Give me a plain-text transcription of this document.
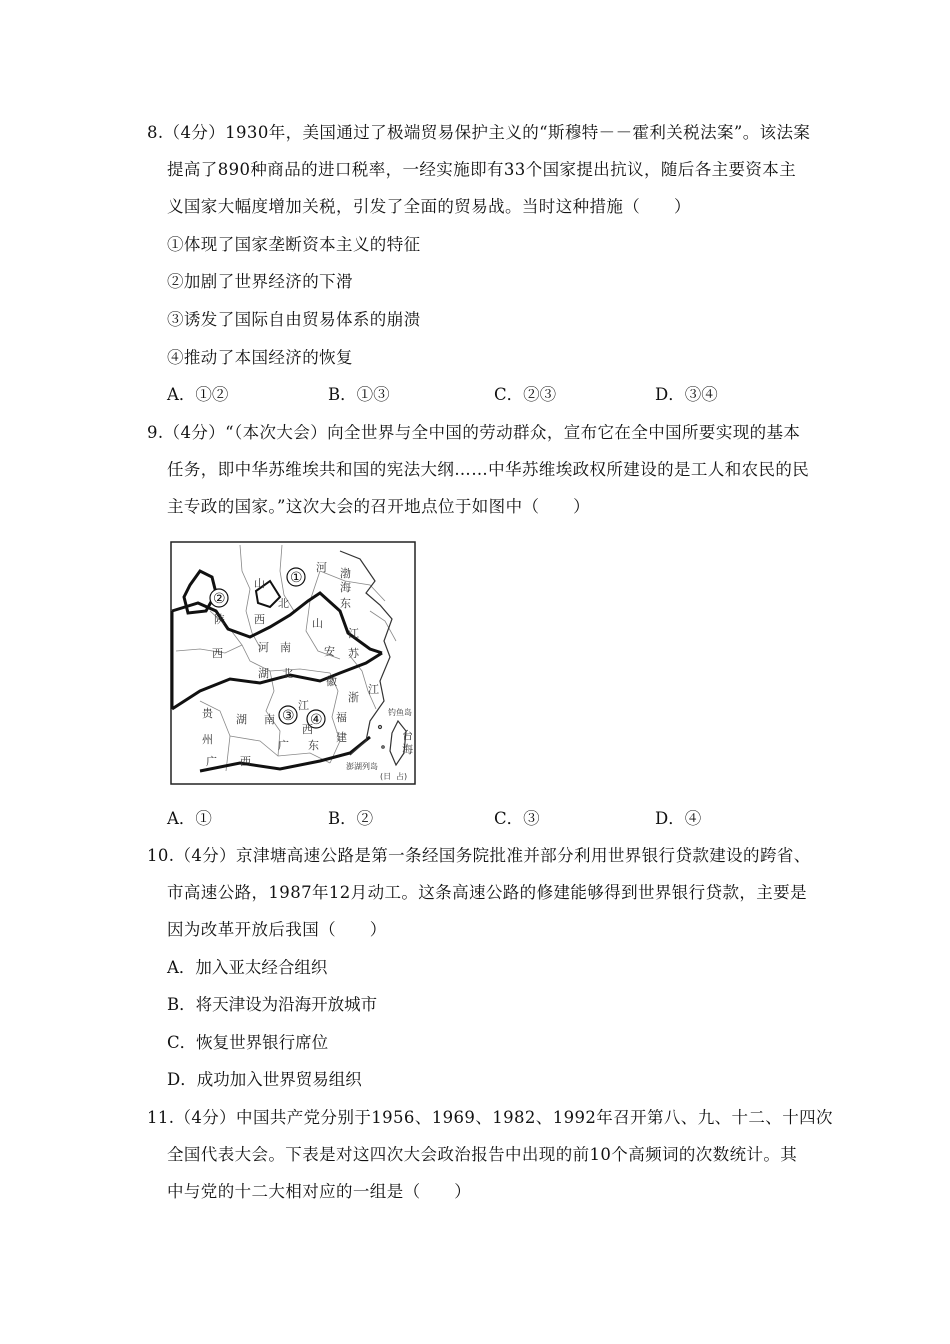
8.（4分）1930年，美国通过了极端贸易保护主义的“斯穆特－－霍利关税法案”。该法案
提高了890种商品的进口税率，一经实施即有33个国家提出抗议，随后各主要资本主
义国家大幅度增加关税，引发了全面的贸易战。当时这种措施（　　）
①体现了国家垄断资本主义的特征
②加剧了世界经济的下滑
③诱发了国际自由贸易体系的崩溃
④推动了本国经济的恢复
A．①②	B．①③	C．②③	D．③④
9.（4分）“（本次大会）向全世界与全中国的劳动群众，宣布它在全中国所要实现的基本
任务，即中华苏维埃共和国的宪法大纲……中华苏维埃政权所建设的是工人和农民的民
主专政的国家。”这次大会的召开地点位于如图中（　　）
①
②
③ ④
河 渤
海
山
北	东
陕	山
西
西
江
河 南	安 苏
湖 北
徽
浙
江
贵 湖 南
江
福
州
西
建	台
海
广 西
广 东
钓鱼岛
澎湖列岛
(日 占)
A．①	B．②	C．③	D．④
10.（4分）京津塘高速公路是第一条经国务院批准并部分利用世界银行贷款建设的跨省、
市高速公路，1987年12月动工。这条高速公路的修建能够得到世界银行贷款，主要是
因为改革开放后我国（　　）
A．加入亚太经合组织
B．将天津设为沿海开放城市
C．恢复世界银行席位
D．成功加入世界贸易组织
11.（4分）中国共产党分别于1956、1969、1982、1992年召开第八、九、十二、十四次
全国代表大会。下表是对这四次大会政治报告中出现的前10个高频词的次数统计。其
中与党的十二大相对应的一组是（　　）
